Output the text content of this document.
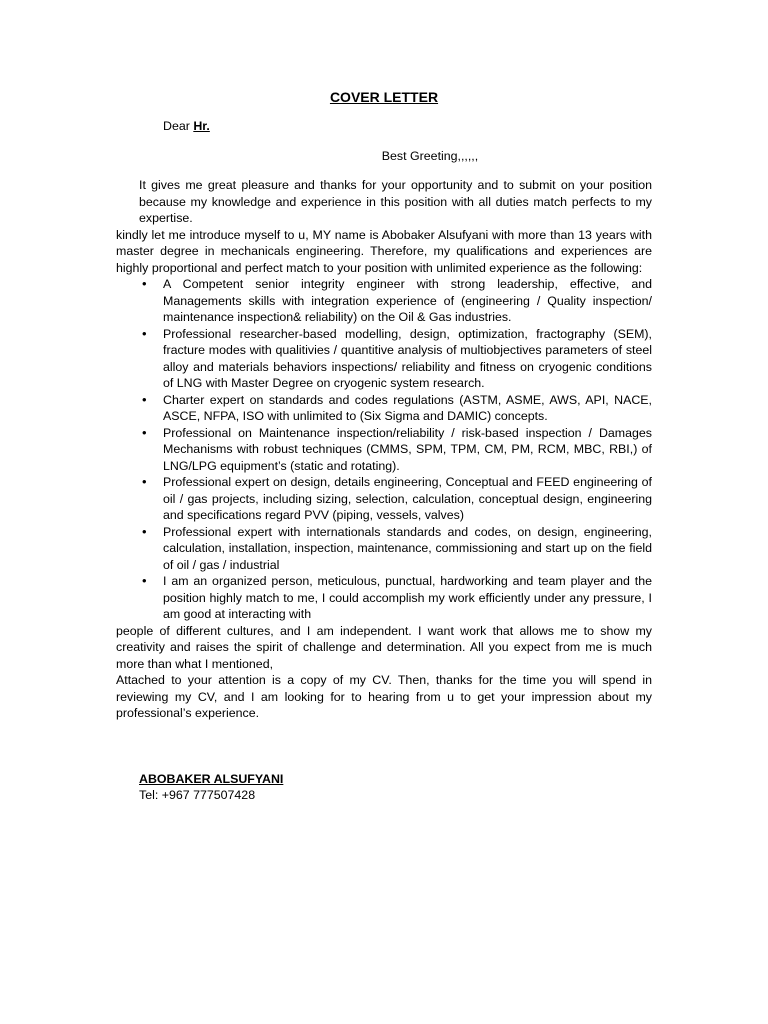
COVER LETTER
Dear Hr.
Best Greeting,,,,,,

It gives me great pleasure and thanks for your opportunity and to submit on your position because my knowledge and experience in this position with all duties match perfects to my expertise.

kindly let me introduce myself to u, MY name is Abobaker Alsufyani with more than 13 years with master degree in mechanicals engineering. Therefore, my qualifications and experiences are highly proportional and perfect match to your position with unlimited experience as the following:

• A Competent senior integrity engineer with strong leadership, effective, and Managements skills with integration experience of (engineering / Quality inspection/ maintenance inspection& reliability) on the Oil & Gas industries.
• Professional researcher-based modelling, design, optimization, fractography (SEM), fracture modes with qualitivies / quantitive analysis of multiobjectives parameters of steel alloy and materials behaviors inspections/ reliability and fitness on cryogenic conditions of LNG with Master Degree on cryogenic system research.
• Charter expert on standards and codes regulations (ASTM, ASME, AWS, API, NACE, ASCE, NFPA, ISO with unlimited to (Six Sigma and DAMIC) concepts.
• Professional on Maintenance inspection/reliability / risk-based inspection / Damages Mechanisms with robust techniques (CMMS, SPM, TPM, CM, PM, RCM, MBC, RBI,) of LNG/LPG equipment’s (static and rotating).
• Professional expert on design, details engineering, Conceptual and FEED engineering of oil / gas projects, including sizing, selection, calculation, conceptual design, engineering and specifications regard PVV (piping, vessels, valves)
• Professional expert with internationals standards and codes, on design, engineering, calculation, installation, inspection, maintenance, commissioning and start up on the field of oil / gas / industrial
• I am an organized person, meticulous, punctual, hardworking and team player and the position highly match to me, I could accomplish my work efficiently under any pressure, I am good at interacting with

people of different cultures, and I am independent. I want work that allows me to show my creativity and raises the spirit of challenge and determination. All you expect from me is much more than what I mentioned,

Attached to your attention is a copy of my CV. Then, thanks for the time you will spend in reviewing my CV, and I am looking for to hearing from u to get your impression about my professional’s experience.

ABOBAKER ALSUFYANI
Tel: +967 777507428
